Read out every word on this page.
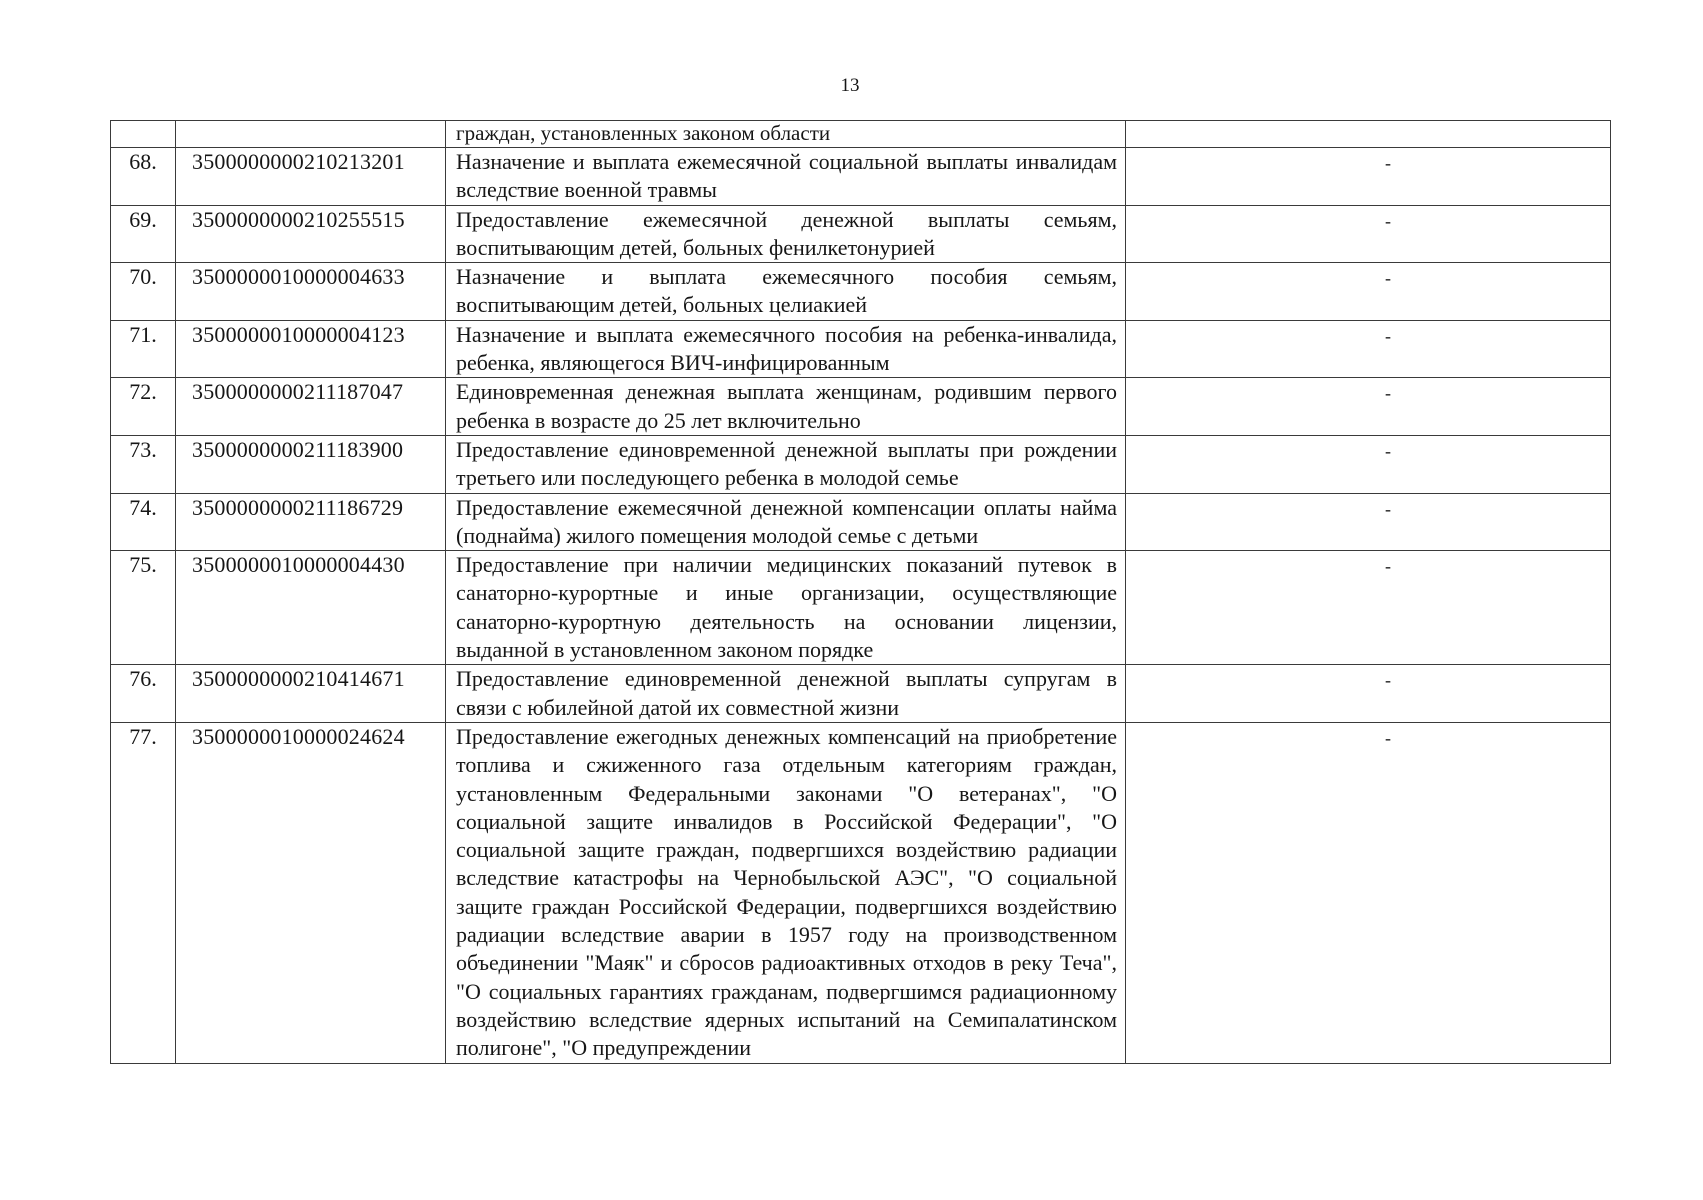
13
		граждан, установленных законом области	
68.	3500000000210213201	Назначение и выплата ежемесячной социальной выплаты инвалидам вследствие военной травмы	-
69.	3500000000210255515	Предоставление ежемесячной денежной выплаты семьям, воспитывающим детей, больных фенилкетонурией	-
70.	3500000010000004633	Назначение и выплата ежемесячного пособия семьям, воспитывающим детей, больных целиакией	-
71.	3500000010000004123	Назначение и выплата ежемесячного пособия на ребенка-инвалида, ребенка, являющегося ВИЧ-инфицированным	-
72.	3500000000211187047	Единовременная денежная выплата женщинам, родившим первого ребенка в возрасте до 25 лет включительно	-
73.	3500000000211183900	Предоставление единовременной денежной выплаты при рождении третьего или последующего ребенка в молодой семье	-
74.	3500000000211186729	Предоставление ежемесячной денежной компенсации оплаты найма (поднайма) жилого помещения молодой семье с детьми	-
75.	3500000010000004430	Предоставление при наличии медицинских показаний путевок в санаторно-курортные и иные организации, осуществляющие санаторно-курортную деятельность на основании лицензии, выданной в установленном законом порядке	-
76.	3500000000210414671	Предоставление единовременной денежной выплаты супругам в связи с юбилейной датой их совместной жизни	-
77.	3500000010000024624	Предоставление ежегодных денежных компенсаций на приобретение топлива и сжиженного газа отдельным категориям граждан, установленным Федеральными законами "О ветеранах", "О социальной защите инвалидов в Российской Федерации", "О социальной защите граждан, подвергшихся воздействию радиации вследствие катастрофы на Чернобыльской АЭС", "О социальной защите граждан Российской Федерации, подвергшихся воздействию радиации вследствие аварии в 1957 году на производственном объединении "Маяк" и сбросов радиоактивных отходов в реку Теча", "О социальных гарантиях гражданам, подвергшимся радиационному воздействию вследствие ядерных испытаний на Семипалатинском полигоне", "О предупреждении	-
